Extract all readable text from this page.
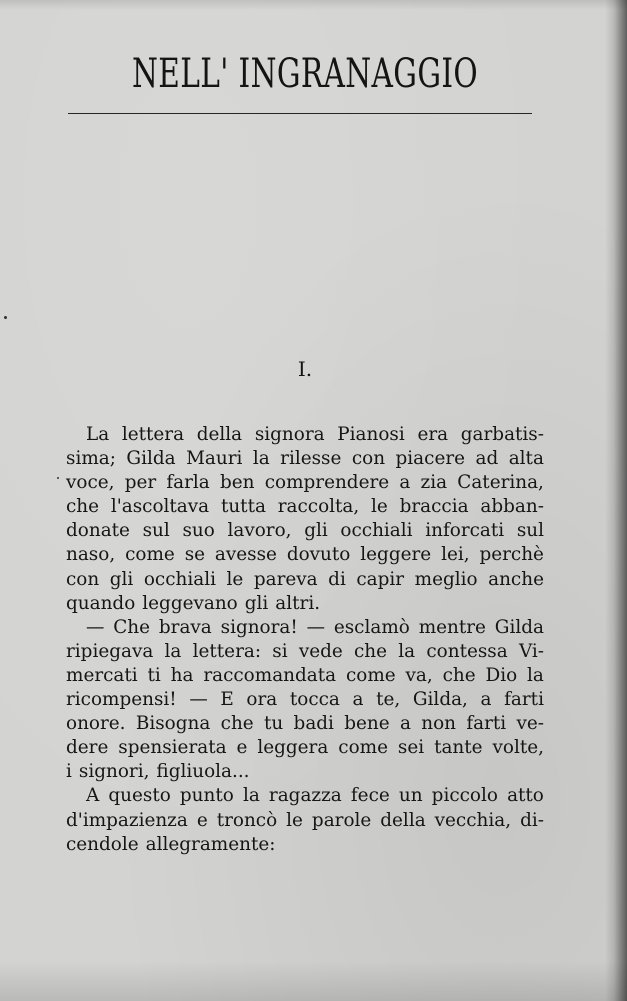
NELL' INGRANAGGIO
I.
La lettera della signora Pianosi era garbatis-
sima; Gilda Mauri la rilesse con piacere ad alta
voce, per farla ben comprendere a zia Caterina,
che l'ascoltava tutta raccolta, le braccia abban-
donate sul suo lavoro, gli occhiali inforcati sul
naso, come se avesse dovuto leggere lei, perchè
con gli occhiali le pareva di capir meglio anche
quando leggevano gli altri.
— Che brava signora! — esclamò mentre Gilda
ripiegava la lettera: si vede che la contessa Vi-
mercati ti ha raccomandata come va, che Dio la
ricompensi! — E ora tocca a te, Gilda, a farti
onore. Bisogna che tu badi bene a non farti ve-
dere spensierata e leggera come sei tante volte,
i signori, figliuola...
A questo punto la ragazza fece un piccolo atto
d'impazienza e troncò le parole della vecchia, di-
cendole allegramente:
